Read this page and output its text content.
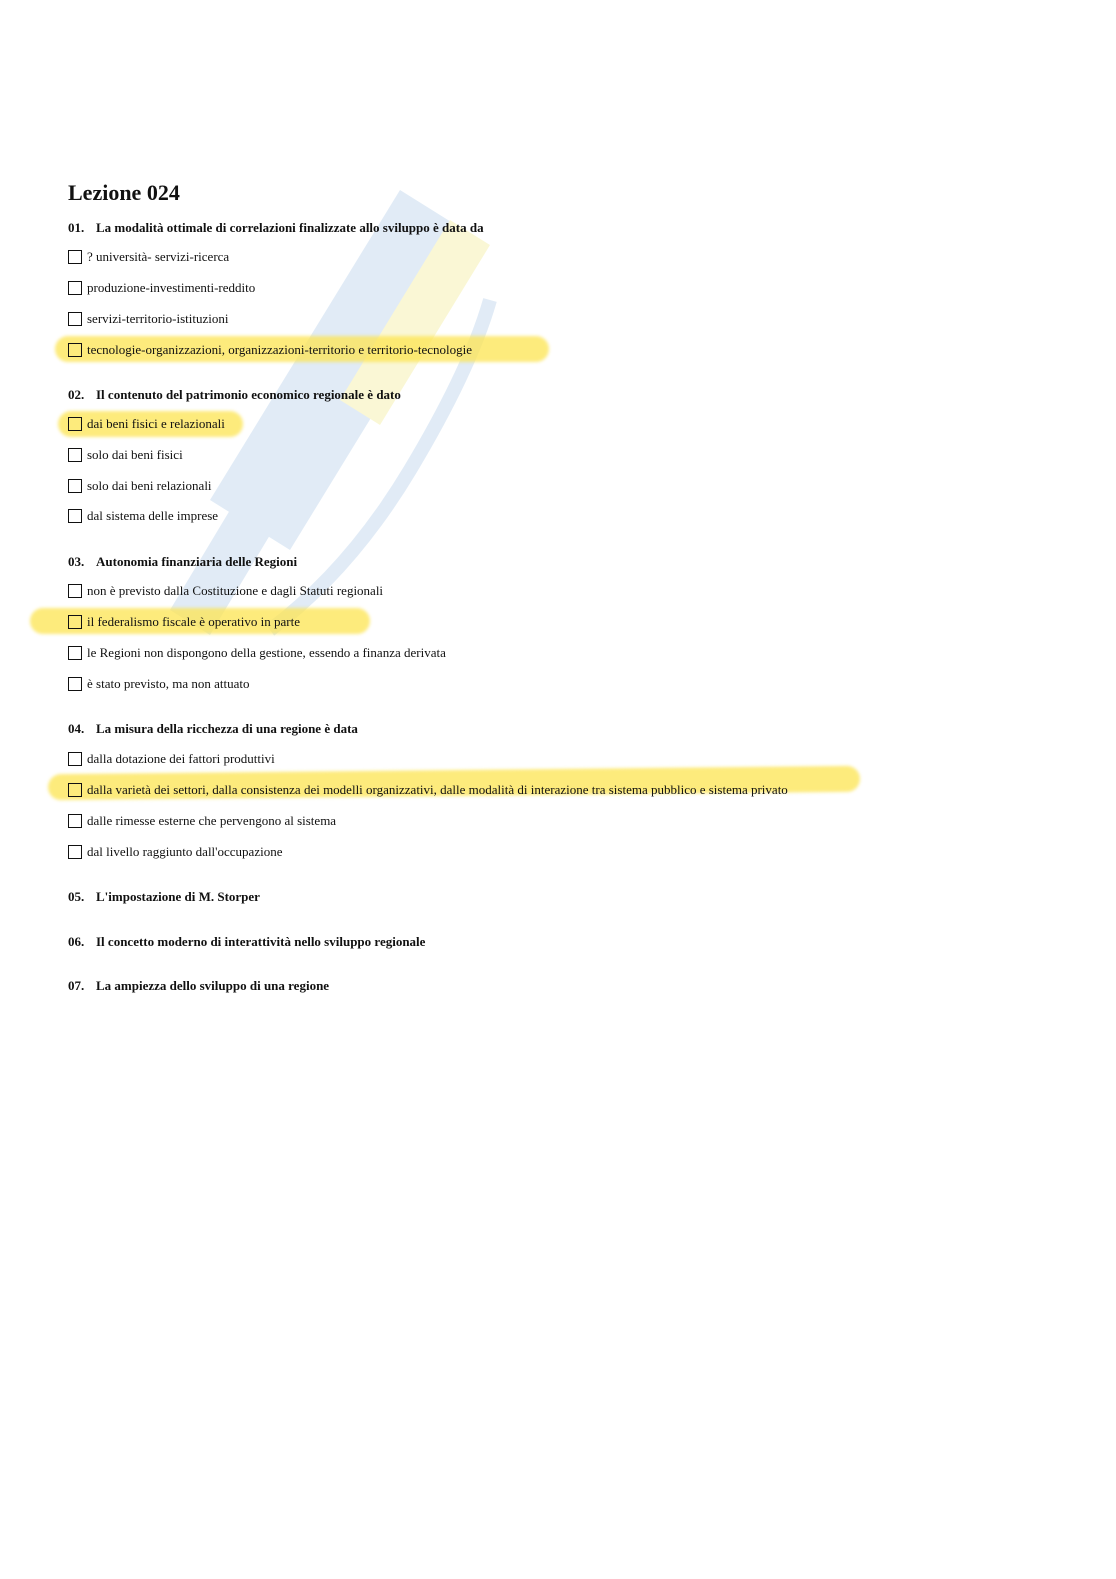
Lezione 024
01. La modalità ottimale di correlazioni finalizzate allo sviluppo è data da
? università- servizi-ricerca
produzione-investimenti-reddito
servizi-territorio-istituzioni
tecnologie-organizzazioni, organizzazioni-territorio e territorio-tecnologie
02. Il contenuto del patrimonio economico regionale è dato
dai beni fisici e relazionali
solo dai beni fisici
solo dai beni relazionali
dal sistema delle imprese
03. Autonomia finanziaria delle Regioni
non è previsto dalla Costituzione e dagli Statuti regionali
il federalismo fiscale è operativo in parte
le Regioni non dispongono della gestione, essendo a finanza derivata
è stato previsto, ma non attuato
04. La misura della ricchezza di una regione è data
dalla dotazione dei fattori produttivi
dalla varietà dei settori, dalla consistenza dei modelli organizzativi, dalle modalità di interazione tra sistema pubblico e sistema privato
dalle rimesse esterne che pervengono al sistema
dal livello raggiunto dall'occupazione
05. L'impostazione di M. Storper
06. Il concetto moderno di interattività nello sviluppo regionale
07. La ampiezza dello sviluppo di una regione
